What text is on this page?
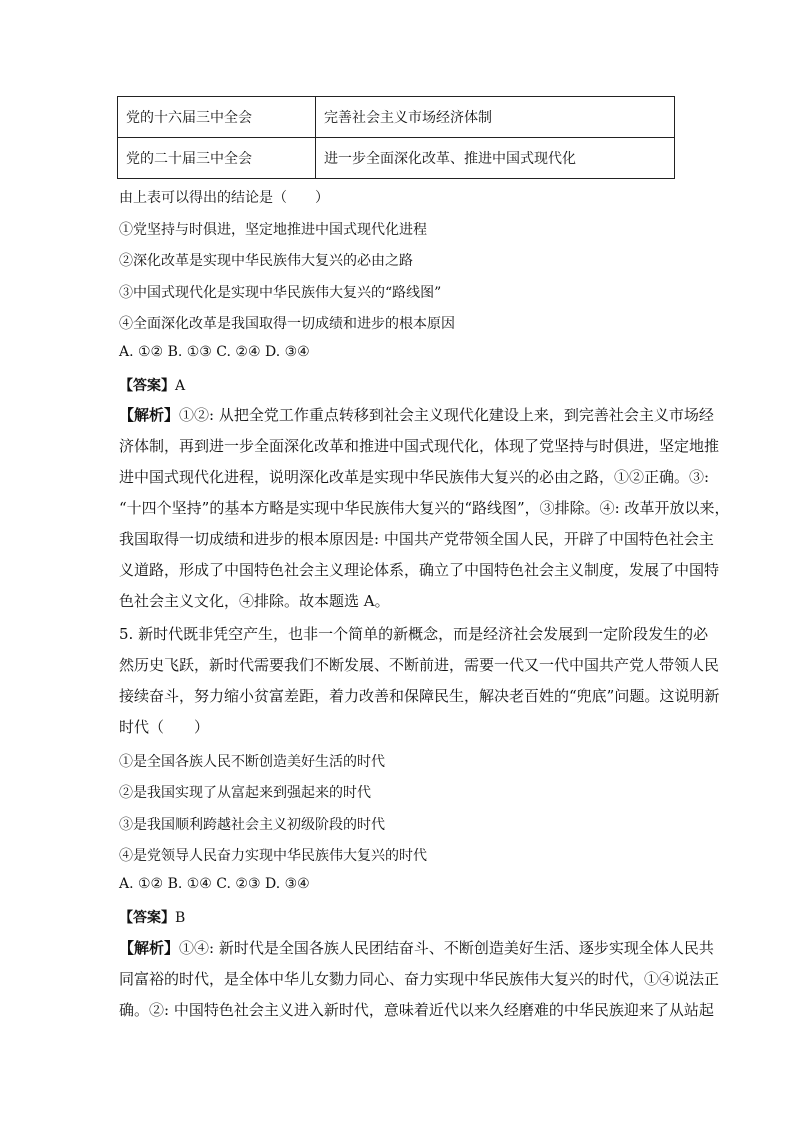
党的十六届三中全会	完善社会主义市场经济体制
党的二十届三中全会	进一步全面深化改革、推进中国式现代化
由上表可以得出的结论是（　　）
①党坚持与时俱进，坚定地推进中国式现代化进程
②深化改革是实现中华民族伟大复兴的必由之路
③中国式现代化是实现中华民族伟大复兴的“路线图”
④全面深化改革是我国取得一切成绩和进步的根本原因
A. ①② B. ①③ C. ②④ D. ③④
【答案】A
【解析】①②: 从把全党工作重点转移到社会主义现代化建设上来，到完善社会主义市场经
济体制，再到进一步全面深化改革和推进中国式现代化，体现了党坚持与时俱进，坚定地推
进中国式现代化进程，说明深化改革是实现中华民族伟大复兴的必由之路，①②正确。③:
“十四个坚持”的基本方略是实现中华民族伟大复兴的“路线图”，③排除。④: 改革开放以来，
我国取得一切成绩和进步的根本原因是: 中国共产党带领全国人民，开辟了中国特色社会主
义道路，形成了中国特色社会主义理论体系，确立了中国特色社会主义制度，发展了中国特
色社会主义文化，④排除。故本题选 A。
5. 新时代既非凭空产生，也非一个简单的新概念，而是经济社会发展到一定阶段发生的必
然历史飞跃，新时代需要我们不断发展、不断前进，需要一代又一代中国共产党人带领人民
接续奋斗，努力缩小贫富差距，着力改善和保障民生，解决老百姓的“兜底”问题。这说明新
时代（　　）
①是全国各族人民不断创造美好生活的时代
②是我国实现了从富起来到强起来的时代
③是我国顺利跨越社会主义初级阶段的时代
④是党领导人民奋力实现中华民族伟大复兴的时代
A. ①② B. ①④ C. ②③ D. ③④
【答案】B
【解析】①④: 新时代是全国各族人民团结奋斗、不断创造美好生活、逐步实现全体人民共
同富裕的时代，是全体中华儿女勠力同心、奋力实现中华民族伟大复兴的时代，①④说法正
确。②: 中国特色社会主义进入新时代，意味着近代以来久经磨难的中华民族迎来了从站起
